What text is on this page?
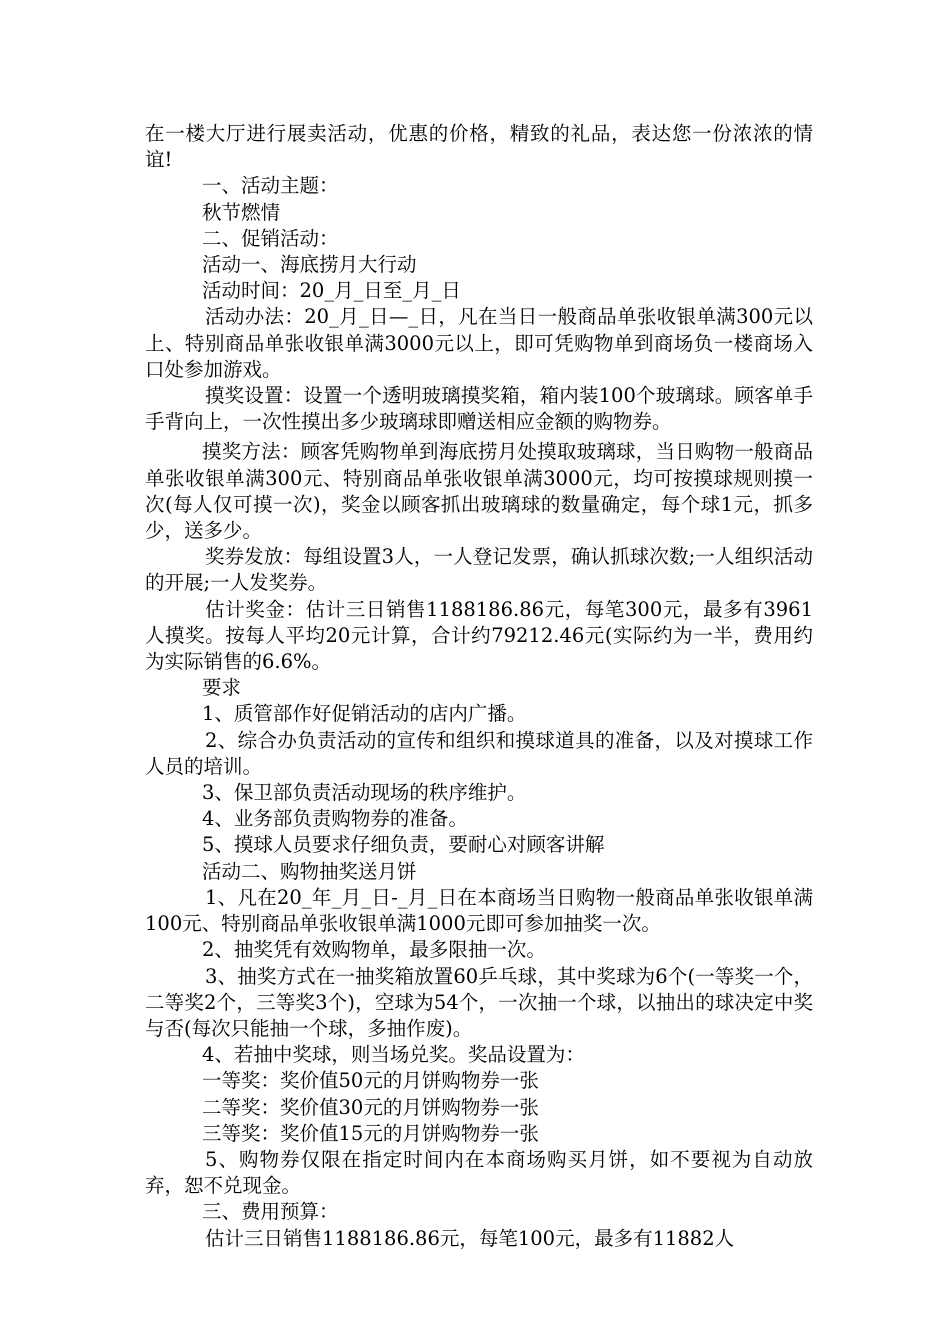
在一楼大厅进行展卖活动，优惠的价格，精致的礼品，表达您一份浓浓的情谊!

一、活动主题：

秋节燃情

二、促销活动：

活动一、海底捞月大行动

活动时间：20_月_日至_月_日

活动办法：20_月_日—_日，凡在当日一般商品单张收银单满300元以上、特别商品单张收银单满3000元以上，即可凭购物单到商场负一楼商场入口处参加游戏。

摸奖设置：设置一个透明玻璃摸奖箱，箱内装100个玻璃球。顾客单手手背向上，一次性摸出多少玻璃球即赠送相应金额的购物券。

摸奖方法：顾客凭购物单到海底捞月处摸取玻璃球，当日购物一般商品单张收银单满300元、特别商品单张收银单满3000元，均可按摸球规则摸一次(每人仅可摸一次)，奖金以顾客抓出玻璃球的数量确定，每个球1元，抓多少，送多少。

奖券发放：每组设置3人，一人登记发票，确认抓球次数;一人组织活动的开展;一人发奖券。

估计奖金：估计三日销售1188186.86元，每笔300元，最多有3961人摸奖。按每人平均20元计算，合计约79212.46元(实际约为一半，费用约为实际销售的6.6%。

要求

1、质管部作好促销活动的店内广播。

2、综合办负责活动的宣传和组织和摸球道具的准备，以及对摸球工作人员的培训。

3、保卫部负责活动现场的秩序维护。

4、业务部负责购物券的准备。

5、摸球人员要求仔细负责，要耐心对顾客讲解

活动二、购物抽奖送月饼

1、凡在20_年_月_日-_月_日在本商场当日购物一般商品单张收银单满100元、特别商品单张收银单满1000元即可参加抽奖一次。

2、抽奖凭有效购物单，最多限抽一次。

3、抽奖方式在一抽奖箱放置60乒乓球，其中奖球为6个(一等奖一个，二等奖2个，三等奖3个)，空球为54个，一次抽一个球，以抽出的球决定中奖与否(每次只能抽一个球，多抽作废)。

4、若抽中奖球，则当场兑奖。奖品设置为：

一等奖：奖价值50元的月饼购物券一张

二等奖：奖价值30元的月饼购物券一张

三等奖：奖价值15元的月饼购物券一张

5、购物券仅限在指定时间内在本商场购买月饼，如不要视为自动放弃，恕不兑现金。

三、费用预算：

估计三日销售1188186.86元，每笔100元，最多有11882人
